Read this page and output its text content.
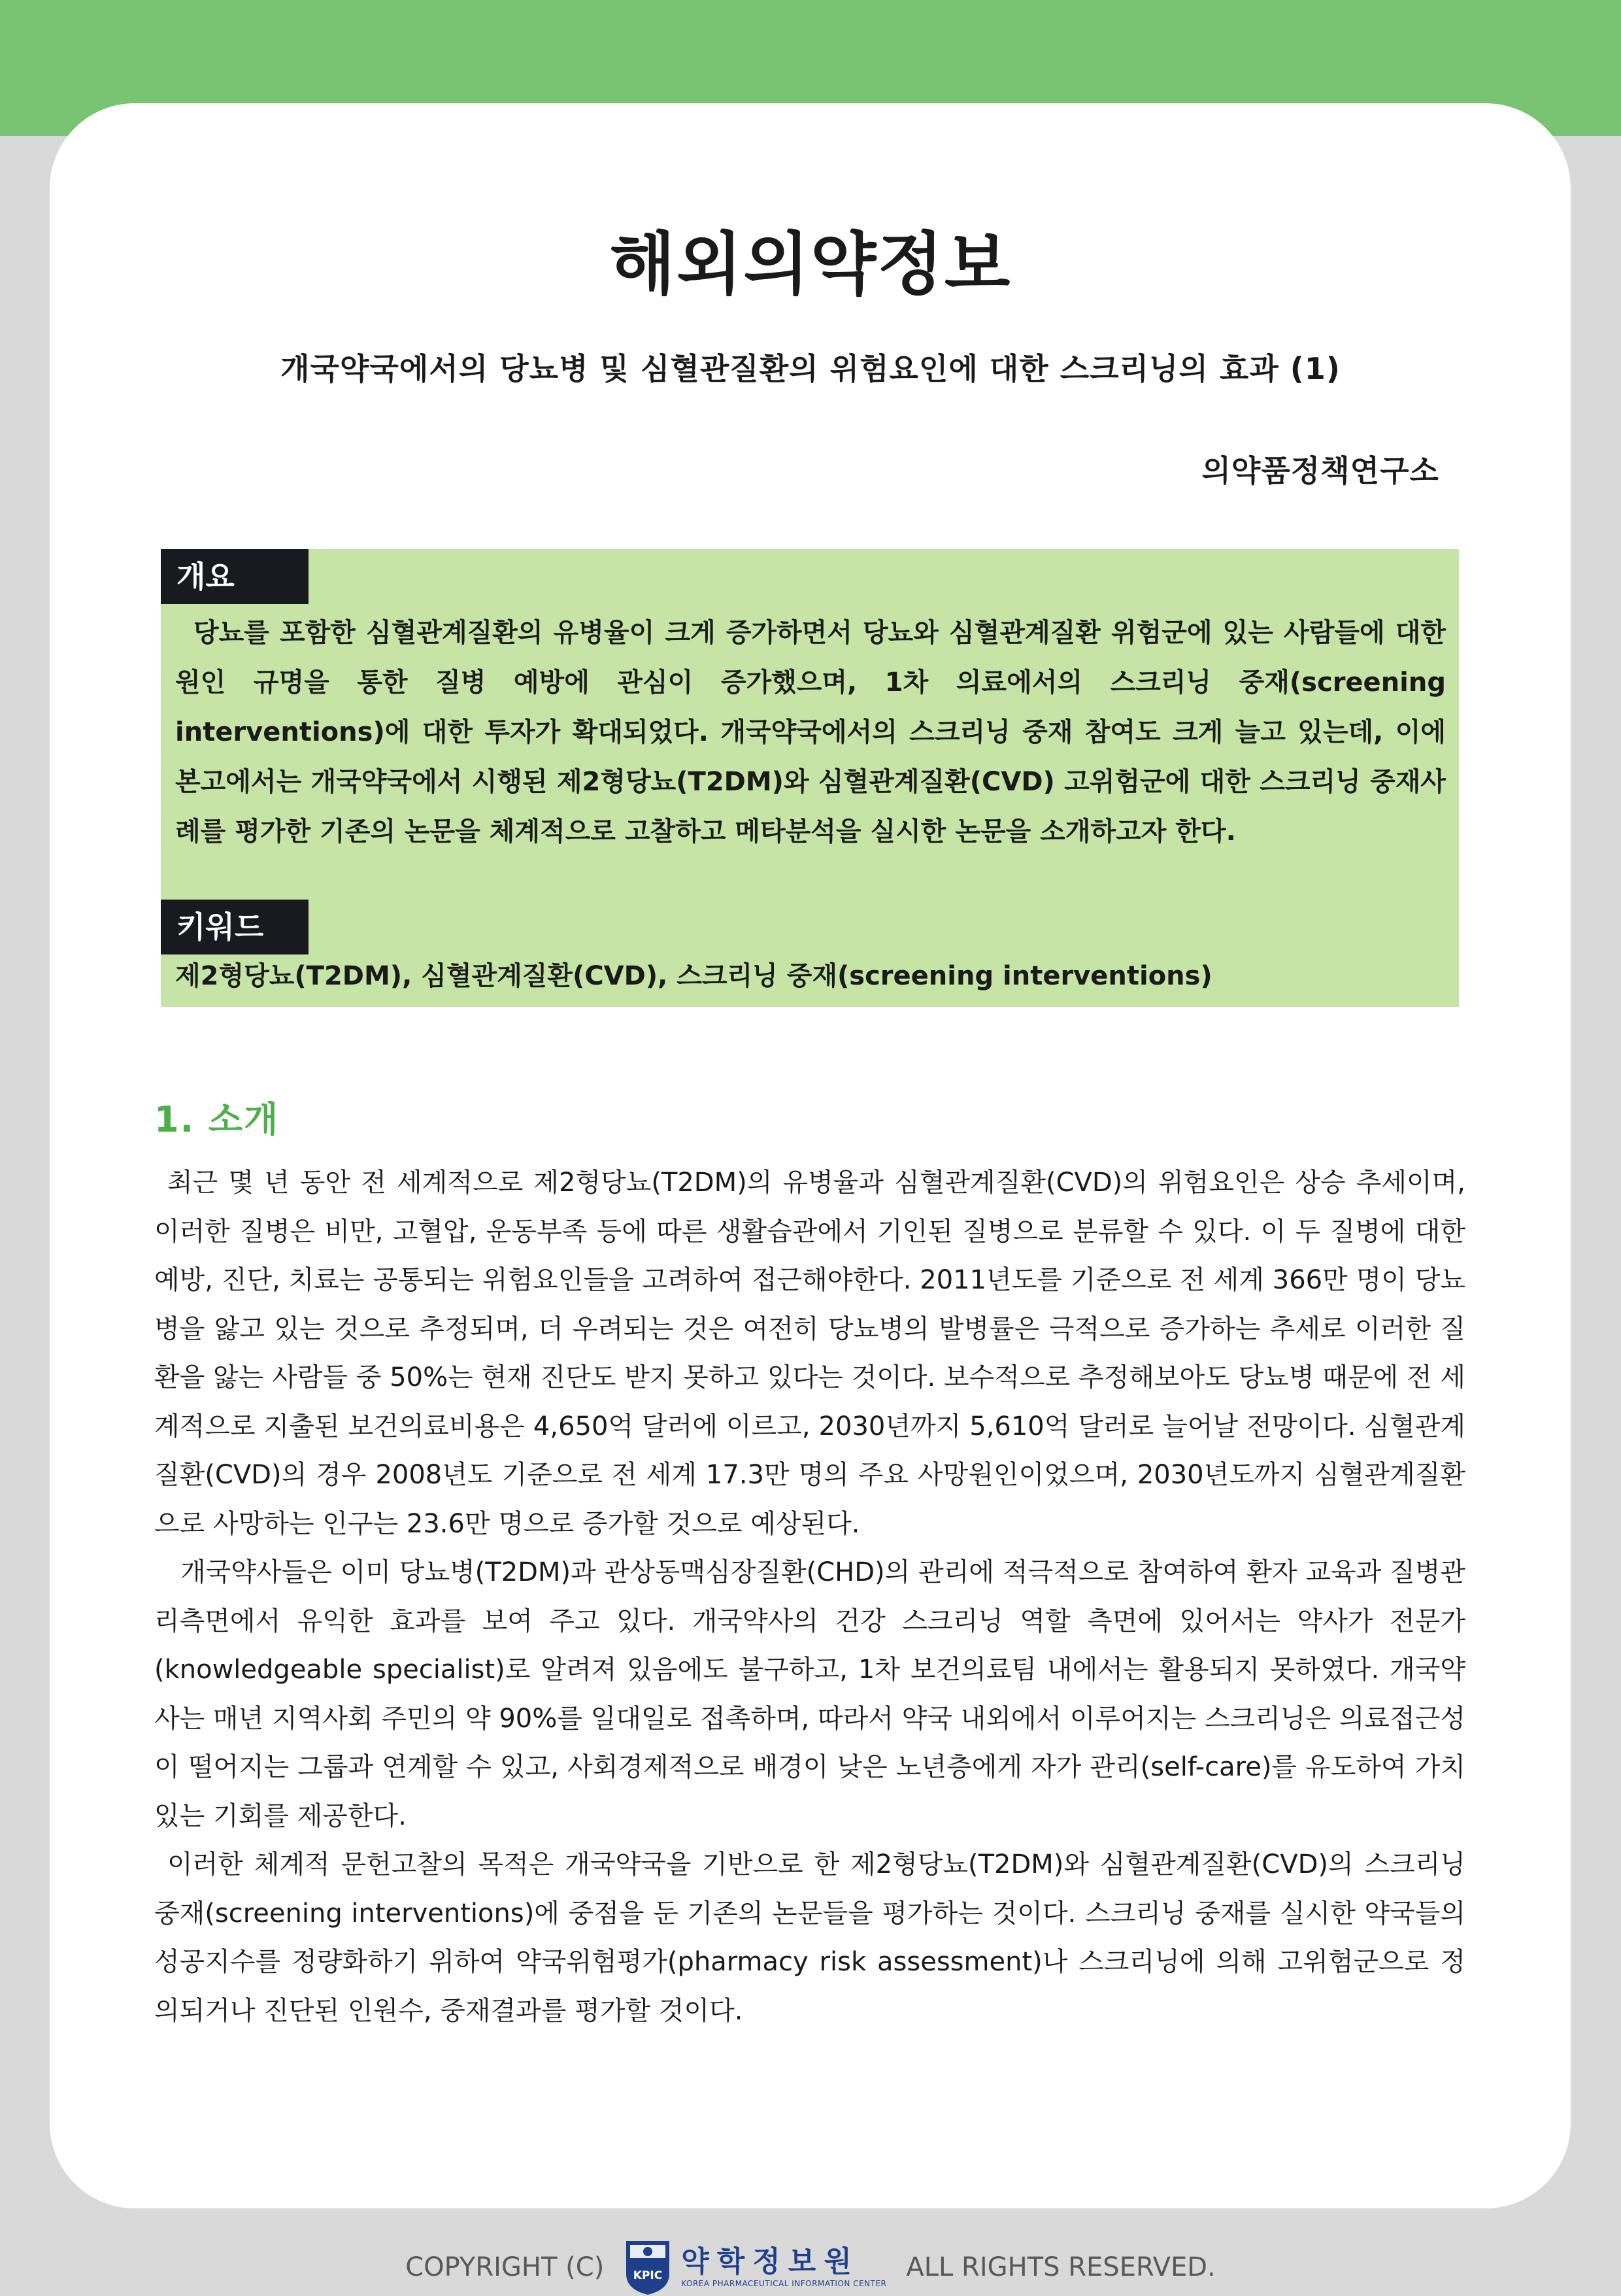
해외의약정보
개국약국에서의 당뇨병 및 심혈관질환의 위험요인에 대한 스크리닝의 효과 (1)

의약품정책연구소

개요

당뇨를 포함한 심혈관계질환의 유병율이 크게 증가하면서 당뇨와 심혈관계질환 위험군에 있는 사람들에 대한 원인 규명을 통한 질병 예방에 관심이 증가했으며, 1차 의료에서의 스크리닝 중재(screening interventions)에 대한 투자가 확대되었다. 개국약국에서의 스크리닝 중재 참여도 크게 늘고 있는데, 이에 본고에서는 개국약국에서 시행된 제2형당뇨(T2DM)와 심혈관계질환(CVD) 고위험군에 대한 스크리닝 중재사례를 평가한 기존의 논문을 체계적으로 고찰하고 메타분석을 실시한 논문을 소개하고자 한다.

키워드

제2형당뇨(T2DM), 심혈관계질환(CVD), 스크리닝 중재(screening interventions)

1. 소개

최근 몇 년 동안 전 세계적으로 제2형당뇨(T2DM)의 유병율과 심혈관계질환(CVD)의 위험요인은 상승 추세이며, 이러한 질병은 비만, 고혈압, 운동부족 등에 따른 생활습관에서 기인된 질병으로 분류할 수 있다. 이 두 질병에 대한 예방, 진단, 치료는 공통되는 위험요인들을 고려하여 접근해야한다. 2011년도를 기준으로 전 세계 366만 명이 당뇨병을 앓고 있는 것으로 추정되며, 더 우려되는 것은 여전히 당뇨병의 발병률은 극적으로 증가하는 추세로 이러한 질환을 앓는 사람들 중 50%는 현재 진단도 받지 못하고 있다는 것이다. 보수적으로 추정해보아도 당뇨병 때문에 전 세계적으로 지출된 보건의료비용은 4,650억 달러에 이르고, 2030년까지 5,610억 달러로 늘어날 전망이다. 심혈관계질환(CVD)의 경우 2008년도 기준으로 전 세계 17.3만 명의 주요 사망원인이었으며, 2030년도까지 심혈관계질환으로 사망하는 인구는 23.6만 명으로 증가할 것으로 예상된다.

개국약사들은 이미 당뇨병(T2DM)과 관상동맥심장질환(CHD)의 관리에 적극적으로 참여하여 환자 교육과 질병관리측면에서 유익한 효과를 보여 주고 있다. 개국약사의 건강 스크리닝 역할 측면에 있어서는 약사가 전문가(knowledgeable specialist)로 알려져 있음에도 불구하고, 1차 보건의료팀 내에서는 활용되지 못하였다. 개국약사는 매년 지역사회 주민의 약 90%를 일대일로 접촉하며, 따라서 약국 내외에서 이루어지는 스크리닝은 의료접근성이 떨어지는 그룹과 연계할 수 있고, 사회경제적으로 배경이 낮은 노년층에게 자가 관리(self-care)를 유도하여 가치 있는 기회를 제공한다.

이러한 체계적 문헌고찰의 목적은 개국약국을 기반으로 한 제2형당뇨(T2DM)와 심혈관계질환(CVD)의 스크리닝 중재(screening interventions)에 중점을 둔 기존의 논문들을 평가하는 것이다. 스크리닝 중재를 실시한 약국들의 성공지수를 정량화하기 위하여 약국위험평가(pharmacy risk assessment)나 스크리닝에 의해 고위험군으로 정의되거나 진단된 인원수, 중재결과를 평가할 것이다.

COPYRIGHT (C)	KPIC 약학정보원
KOREA PHARMACEUTICAL INFORMATION CENTER
ALL RIGHTS RESERVED.
